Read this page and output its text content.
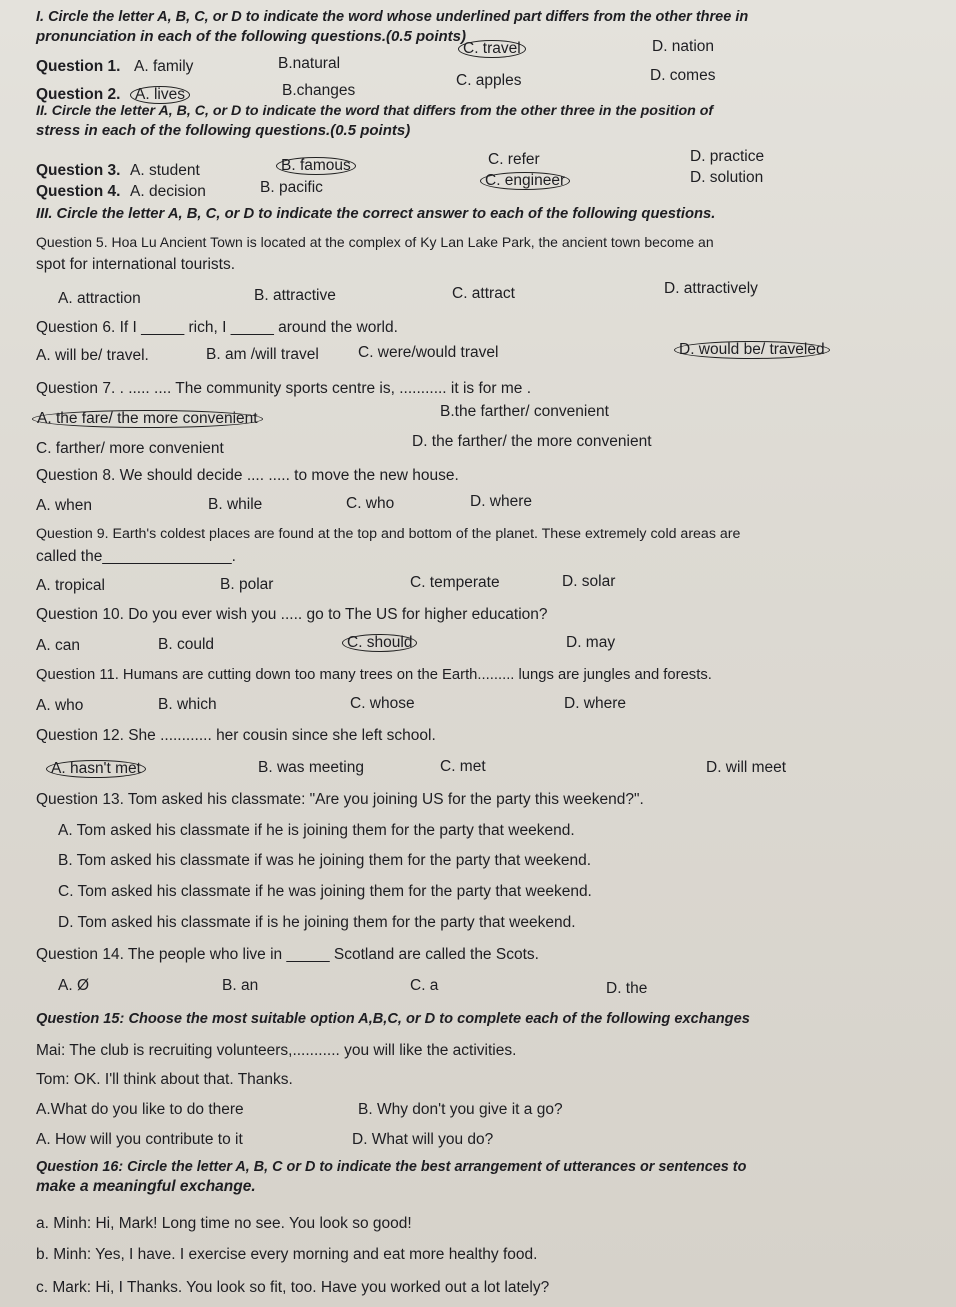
I. Circle the letter A, B, C, or D to indicate the word whose underlined part differs from the other three in
pronunciation in each of the following questions.(0.5 points)
Question 1. A. family	B.natural
C. travel	D. nation
Question 2. A. lives	B.changes
C. apples	D. comes
II. Circle the letter A, B, C, or D to indicate the word that differs from the other three in the position of
stress in each of the following questions.(0.5 points)
Question 3. A. student	B. famous	C. refer	D. practice
Question 4. A. decision	B. pacific	C. engineer	D. solution
III. Circle the letter A, B, C, or D to indicate the correct answer to each of the following questions.
Question 5. Hoa Lu Ancient Town is located at the complex of Ky Lan Lake Park, the ancient town become an
spot for international tourists.
A. attraction	B. attractive	C. attract	D. attractively
Question 6. If I _____ rich, I _____ around the world.
A. will be/ travel.	B. am /will travel	C. were/would travel	D. would be/ traveled
Question 7. . ..... .... The community sports centre is, ........... it is for me .
A. the fare/ the more convenient	B.the farther/ convenient
C. farther/ more convenient	D. the farther/ the more convenient
Question 8. We should decide .... ..... to move the new house.
A. when	B. while	C. who	D. where
Question 9. Earth's coldest places are found at the top and bottom of the planet. These extremely cold areas are
called the_______________.
A. tropical	B. polar	C. temperate	D. solar
Question 10. Do you ever wish you ..... go to The US for higher education?
A. can	B. could	C. should	D. may
Question 11. Humans are cutting down too many trees on the Earth......... lungs are jungles and forests.
A. who	B. which	C. whose	D. where
Question 12. She ............ her cousin since she left school.
A. hasn't met	B. was meeting	C. met	D. will meet
Question 13. Tom asked his classmate: "Are you joining US for the party this weekend?".
A. Tom asked his classmate if he is joining them for the party that weekend.
B. Tom asked his classmate if was he joining them for the party that weekend.
C. Tom asked his classmate if he was joining them for the party that weekend.
D. Tom asked his classmate if is he joining them for the party that weekend.
Question 14. The people who live in _____ Scotland are called the Scots.
A. Ø	B. an	C. a	D. the
Question 15: Choose the most suitable option A,B,C, or D to complete each of the following exchanges
Mai: The club is recruiting volunteers,........... you will like the activities.
Tom: OK. I'll think about that. Thanks.
A.What do you like to do there	B. Why don't you give it a go?
A. How will you contribute to it	D. What will you do?
Question 16: Circle the letter A, B, C or D to indicate the best arrangement of utterances or sentences to
make a meaningful exchange.
a. Minh: Hi, Mark! Long time no see. You look so good!
b. Minh: Yes, I have. I exercise every morning and eat more healthy food.
c. Mark: Hi, I Thanks. You look so fit, too. Have you worked out a lot lately?
